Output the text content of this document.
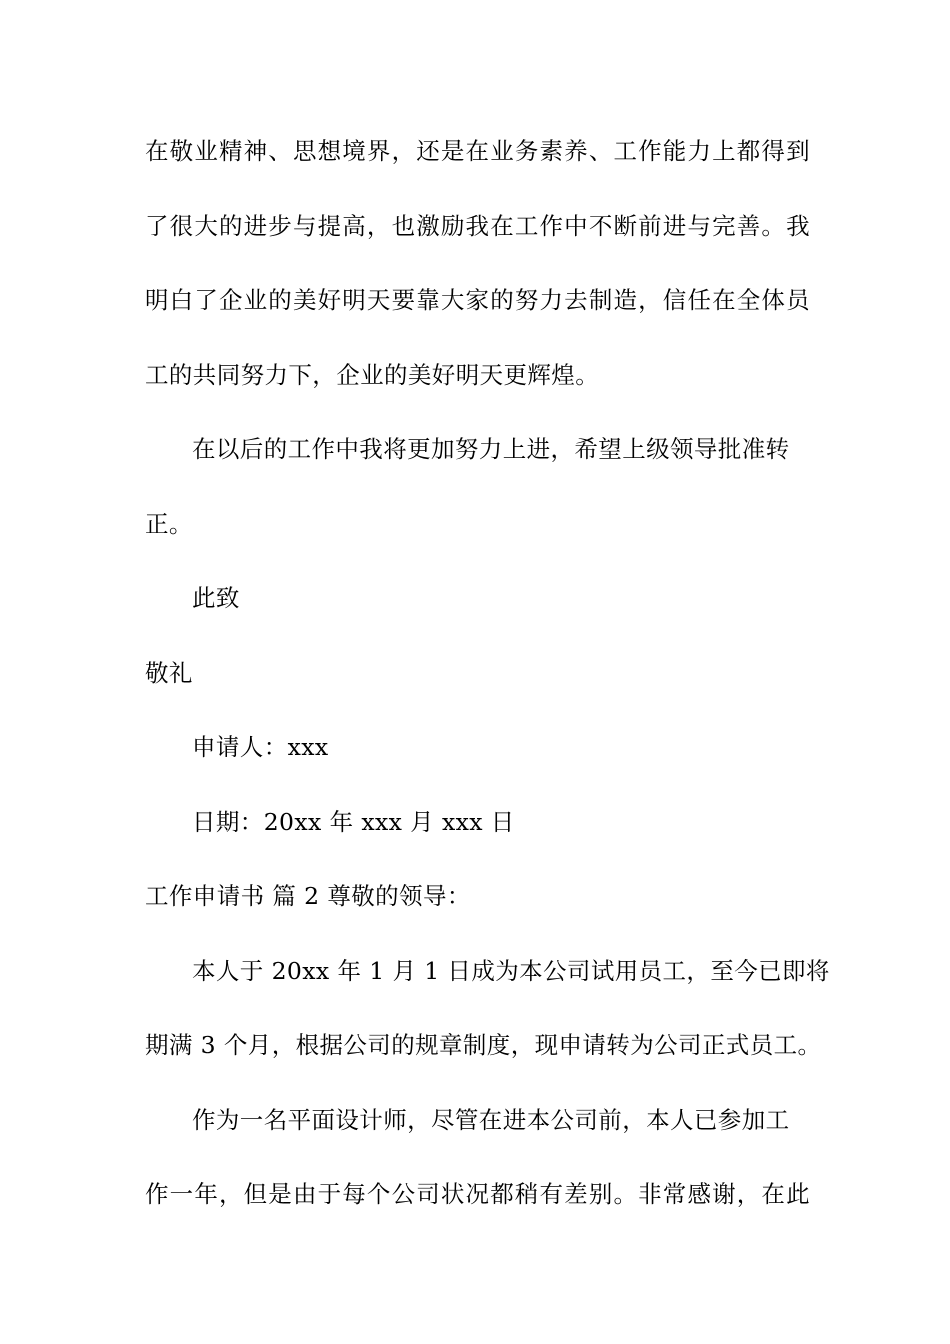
在敬业精神、思想境界，还是在业务素养、工作能力上都得到
了很大的进步与提高，也激励我在工作中不断前进与完善。我
明白了企业的美好明天要靠大家的努力去制造，信任在全体员
工的共同努力下，企业的美好明天更辉煌。
在以后的工作中我将更加努力上进，希望上级领导批准转
正。
此致
敬礼
申请人：xxx
日期：20xx 年 xxx 月 xxx 日
工作申请书 篇 2 尊敬的领导：
本人于 20xx 年 1 月 1 日成为本公司试用员工，至今已即将
期满 3 个月，根据公司的规章制度，现申请转为公司正式员工。
作为一名平面设计师，尽管在进本公司前，本人已参加工
作一年，但是由于每个公司状况都稍有差别。非常感谢，在此
